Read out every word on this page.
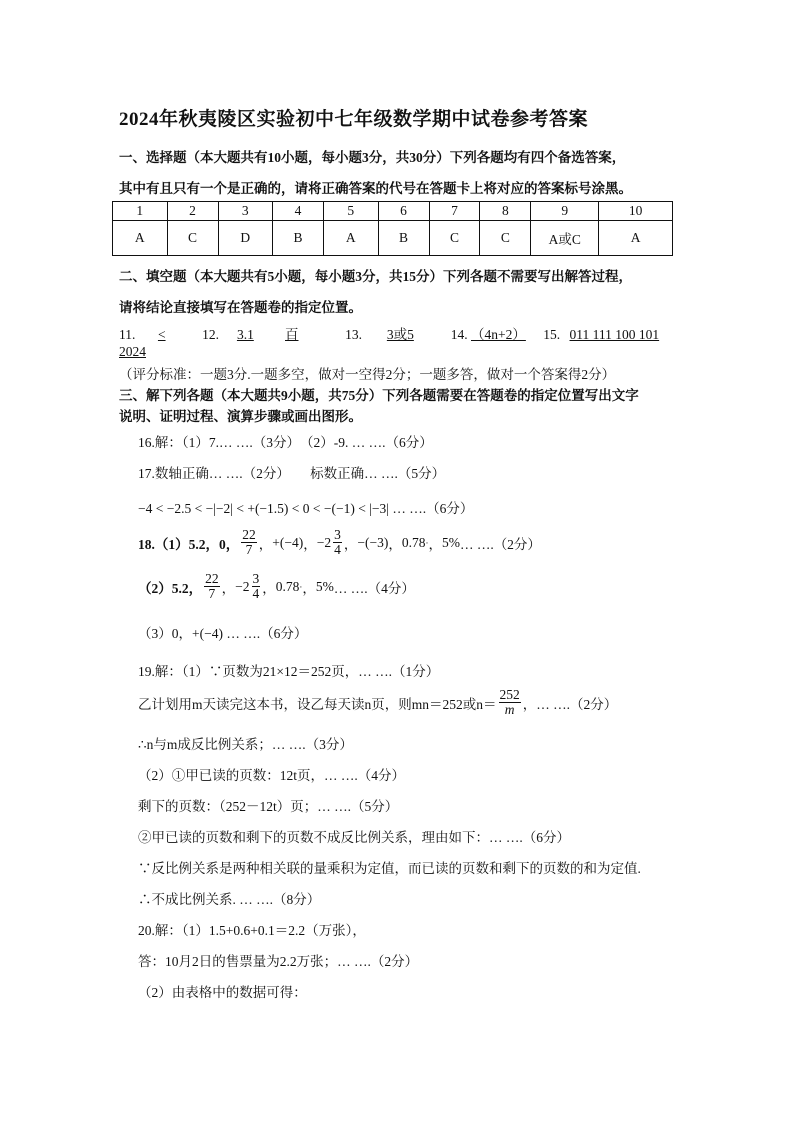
2024年秋夷陵区实验初中七年级数学期中试卷参考答案
一、选择题（本大题共有10小题，每小题3分，共30分）下列各题均有四个备选答案，
其中有且只有一个是正确的，请将正确答案的代号在答题卡上将对应的答案标号涂黑。
1	2	3	4	5	6	7	8	9	10
A	C	D	B	A	B	C	C	A或C	A
二、填空题（本大题共有5小题，每小题3分，共15分）下列各题不需要写出解答过程，
请将结论直接填写在答题卷的指定位置。
11. <	12. 3.1 百	13. 3或5	14. （4n+2） 15. 011 111 100 101
2024
（评分标准：一题3分.一题多空，做对一空得2分；一题多答，做对一个答案得2分）
三、解下列各题（本大题共9小题，共75分）下列各题需要在答题卷的指定位置写出文字
说明、证明过程、演算步骤或画出图形。
16.解：（1）7.… ….（3分）　（2）-9. … ….（6分）
17.数轴正确… ….（2分）　　标数正确… ….（5分）
−4 < −2.5 < −|−2| < +(−1.5) < 0 < −(−1) < |−3| … ….（6分）
18.（1）5.2，0， $\frac{22}{7}$ ， +(−4) ， $-2 \frac{3}{4}$ ， −(−3) ， 0.78 · ， 5% … ….（2分）
（2）5.2， $\frac{22}{7}$ ， $-2 \frac{3}{4}$ ， 0.78 · ， 5% … ….（4分）
（3）0，+(−4) … ….（6分）
19.解：（1）∵页数为21×12＝252页，… ….（1分）
乙计划用m天读完这本书，设乙每天读n页，则mn＝252或$n= \frac{252}{m}$ ，… ….（2分）
∴n与m成反比例关系；… ….（3分）
（2）①甲已读的页数：12t页，… ….（4分）
剩下的页数：（252－12t）页；… ….（5分）
②甲已读的页数和剩下的页数不成反比例关系，理由如下：… ….（6分）
∵反比例关系是两种相关联的量乘积为定值，而已读的页数和剩下的页数的和为定值.
∴不成比例关系. … ….（8分）
20.解：（1）1.5+0.6+0.1＝2.2（万张），
答：10月2日的售票量为2.2万张；… ….（2分）
（2）由表格中的数据可得：
